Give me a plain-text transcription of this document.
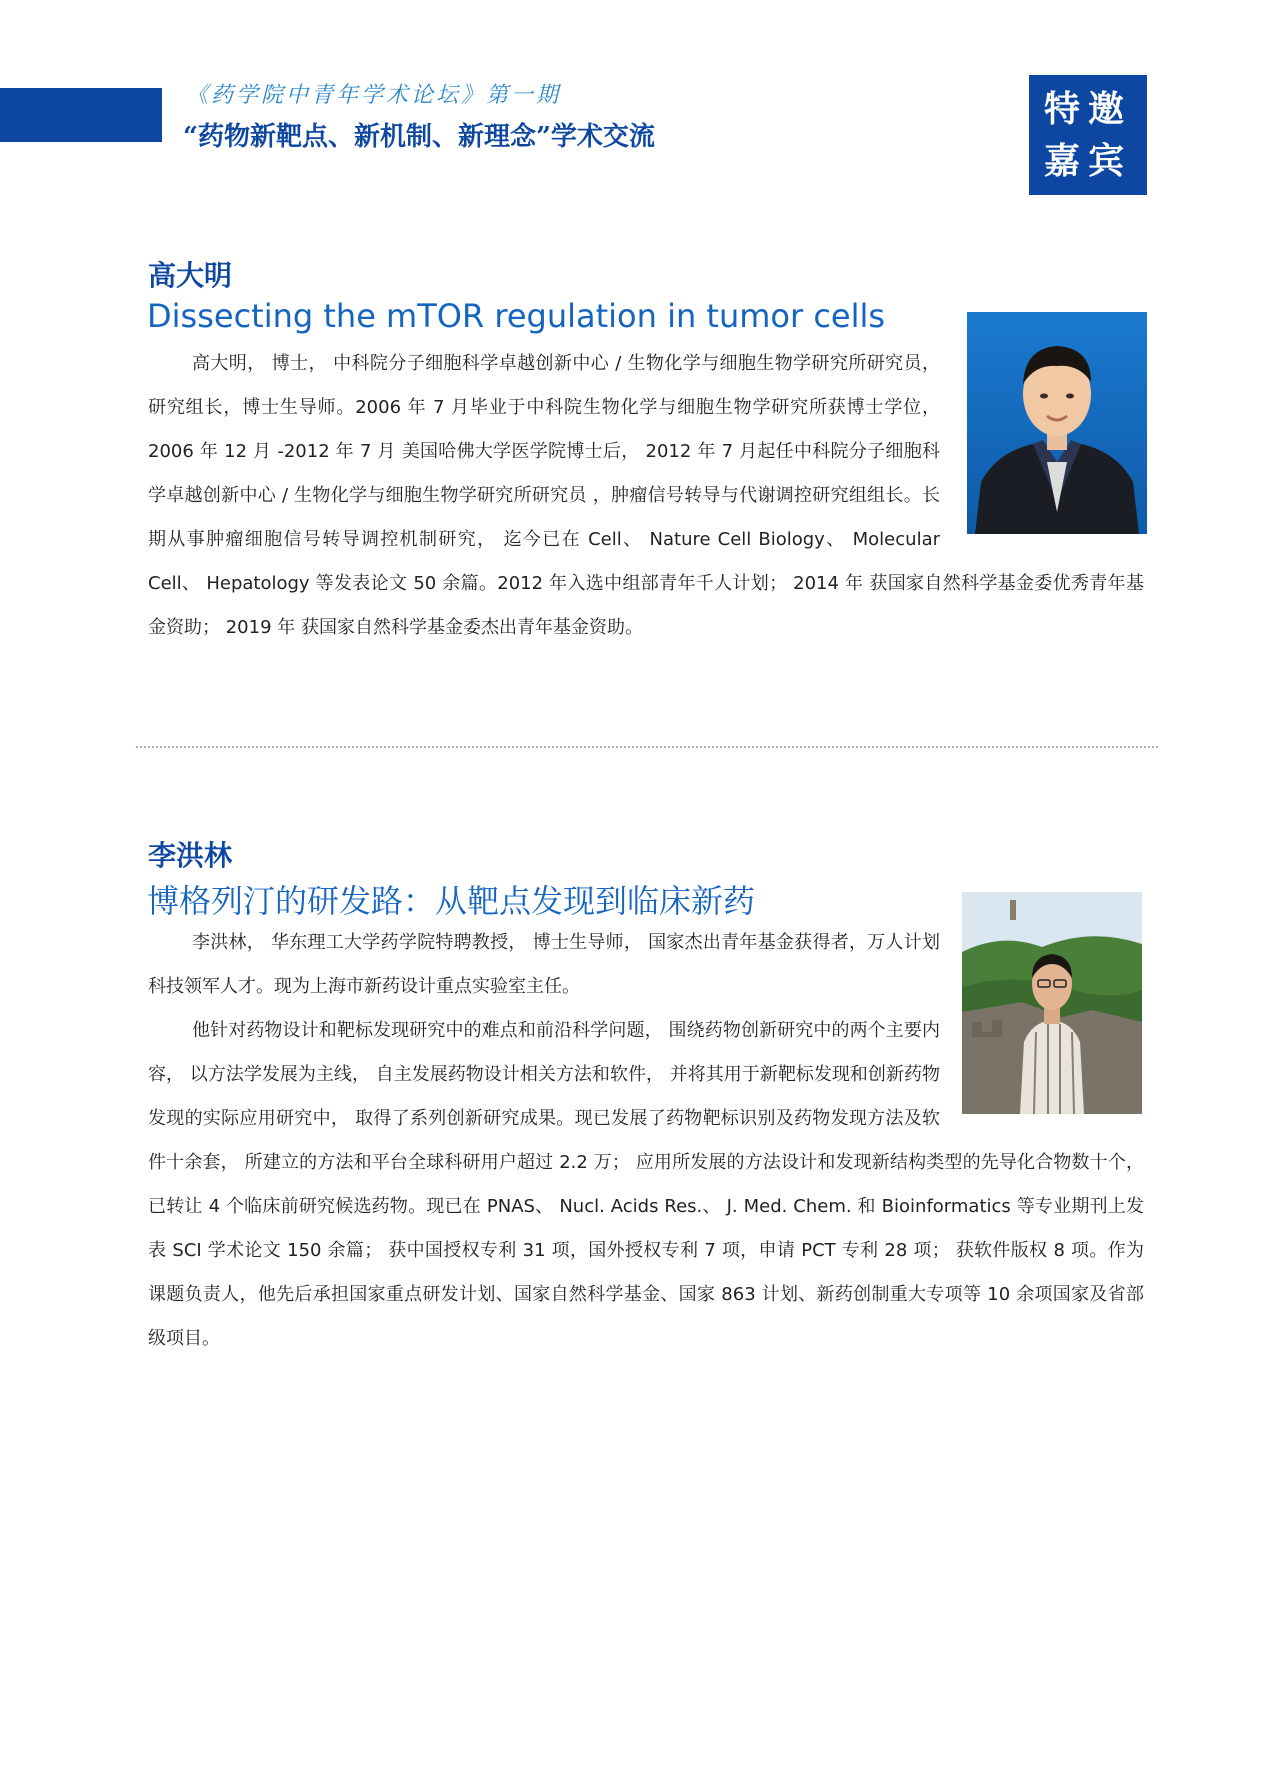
《药学院中青年学术论坛》第一期
“药物新靶点、新机制、新理念”学术交流
特邀
嘉宾
高大明
Dissecting the mTOR regulation in tumor cells

高大明， 博士， 中科院分子细胞科学卓越创新中心 / 生物化学与细胞生物学研究所研究员，研究组长，博士生导师。2006 年 7 月毕业于中科院生物化学与细胞生物学研究所获博士学位， 2006 年 12 月 -2012 年 7 月 美国哈佛大学医学院博士后， 2012 年 7 月起任中科院分子细胞科学卓越创新中心 / 生物化学与细胞生物学研究所研究员 ，肿瘤信号转导与代谢调控研究组组长。长期从事肿瘤细胞信号转导调控机制研究， 迄今已在 Cell、 Nature Cell Biology、 Molecular Cell、 Hepatology 等发表论文 50 余篇。2012 年入选中组部青年千人计划； 2014 年 获国家自然科学基金委优秀青年基金资助； 2019 年 获国家自然科学基金委杰出青年基金资助。

李洪林
博格列汀的研发路：从靶点发现到临床新药

李洪林， 华东理工大学药学院特聘教授， 博士生导师， 国家杰出青年基金获得者，万人计划科技领军人才。现为上海市新药设计重点实验室主任。

他针对药物设计和靶标发现研究中的难点和前沿科学问题， 围绕药物创新研究中的两个主要内容， 以方法学发展为主线， 自主发展药物设计相关方法和软件， 并将其用于新靶标发现和创新药物发现的实际应用研究中， 取得了系列创新研究成果。现已发展了药物靶标识别及药物发现方法及软件十余套， 所建立的方法和平台全球科研用户超过 2.2 万； 应用所发展的方法设计和发现新结构类型的先导化合物数十个， 已转让 4 个临床前研究候选药物。现已在 PNAS、 Nucl. Acids Res.、 J. Med. Chem. 和 Bioinformatics 等专业期刊上发表 SCI 学术论文 150 余篇； 获中国授权专利 31 项，国外授权专利 7 项，申请 PCT 专利 28 项； 获软件版权 8 项。作为课题负责人，他先后承担国家重点研发计划、国家自然科学基金、国家 863 计划、新药创制重大专项等 10 余项国家及省部级项目。
